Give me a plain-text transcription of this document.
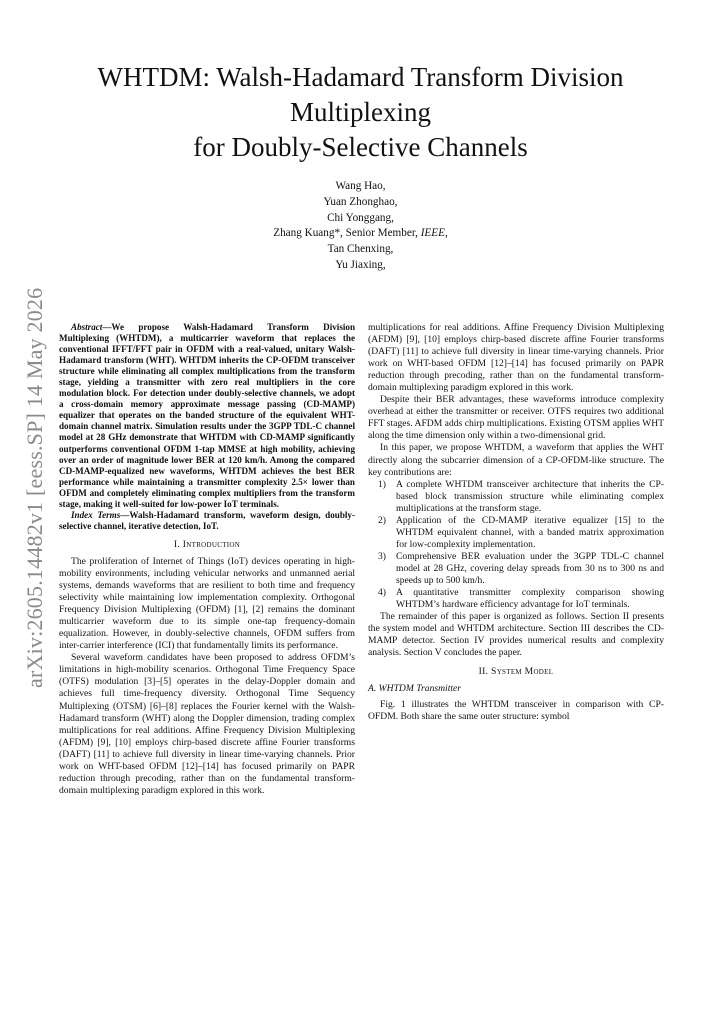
arXiv:2605.14482v1 [eess.SP] 14 May 2026
WHTDM: Walsh-Hadamard Transform Division
Multiplexing
for Doubly-Selective Channels
Wang Hao,
Yuan Zhonghao,
Chi Yonggang,
Zhang Kuang*, Senior Member, IEEE,
Tan Chenxing,
Yu Jiaxing,

Abstract—We propose Walsh-Hadamard Transform Division Multiplexing (WHTDM), a multicarrier waveform that replaces the conventional IFFT/FFT pair in OFDM with a real-valued, unitary Walsh-Hadamard transform (WHT). WHTDM inherits the CP-OFDM transceiver structure while eliminating all complex multiplications from the transform stage, yielding a transmitter with zero real multipliers in the core modulation block. For detection under doubly-selective channels, we adopt a cross-domain memory approximate message passing (CD-MAMP) equalizer that operates on the banded structure of the equivalent WHT-domain channel matrix. Simulation results under the 3GPP TDL-C channel model at 28 GHz demonstrate that WHTDM with CD-MAMP significantly outperforms conventional OFDM 1-tap MMSE at high mobility, achieving over an order of magnitude lower BER at 120 km/h. Among the compared CD-MAMP-equalized new waveforms, WHTDM achieves the best BER performance while maintaining a transmitter complexity 2.5× lower than OFDM and completely eliminating complex multipliers from the transform stage, making it well-suited for low-power IoT terminals.

Index Terms—Walsh-Hadamard transform, waveform design, doubly-selective channel, iterative detection, IoT.

I. Introduction

The proliferation of Internet of Things (IoT) devices operating in high-mobility environments, including vehicular networks and unmanned aerial systems, demands waveforms that are resilient to both time and frequency selectivity while maintaining low implementation complexity. Orthogonal Frequency Division Multiplexing (OFDM) [1], [2] remains the dominant multicarrier waveform due to its simple one-tap frequency-domain equalization. However, in doubly-selective channels, OFDM suffers from inter-carrier interference (ICI) that fundamentally limits its performance.

Several waveform candidates have been proposed to address OFDM’s limitations in high-mobility scenarios. Orthogonal Time Frequency Space (OTFS) modulation [3]–[5] operates in the delay-Doppler domain and achieves full time-frequency diversity. Orthogonal Time Sequency Multiplexing (OTSM) [6]–[8] replaces the Fourier kernel with the Walsh-Hadamard transform (WHT) along the Doppler dimension, trading complex multiplications for real additions. Affine Frequency Division Multiplexing (AFDM) [9], [10] employs chirp-based discrete affine Fourier transforms (DAFT) [11] to achieve full diversity in linear time-varying channels. Prior work on WHT-based OFDM [12]–[14] has focused primarily on PAPR reduction through precoding, rather than on the fundamental transform-domain multiplexing paradigm explored in this work.

multiplications for real additions. Affine Frequency Division Multiplexing (AFDM) [9], [10] employs chirp-based discrete affine Fourier transforms (DAFT) [11] to achieve full diversity in linear time-varying channels. Prior work on WHT-based OFDM [12]–[14] has focused primarily on PAPR reduction through precoding, rather than on the fundamental transform-domain multiplexing paradigm explored in this work.

Despite their BER advantages, these waveforms introduce complexity overhead at either the transmitter or receiver. OTFS requires two additional FFT stages. AFDM adds chirp multiplications. Existing OTSM applies WHT along the time dimension only within a two-dimensional grid.

In this paper, we propose WHTDM, a waveform that applies the WHT directly along the subcarrier dimension of a CP-OFDM-like structure. The key contributions are:

1) A complete WHTDM transceiver architecture that inherits the CP-based block transmission structure while eliminating complex multiplications at the transform stage.
2) Application of the CD-MAMP iterative equalizer [15] to the WHTDM equivalent channel, with a banded matrix approximation for low-complexity implementation.
3) Comprehensive BER evaluation under the 3GPP TDL-C channel model at 28 GHz, covering delay spreads from 30 ns to 300 ns and speeds up to 500 km/h.
4) A quantitative transmitter complexity comparison showing WHTDM’s hardware efficiency advantage for IoT terminals.

The remainder of this paper is organized as follows. Section II presents the system model and WHTDM architecture. Section III describes the CD-MAMP detector. Section IV provides numerical results and complexity analysis. Section V concludes the paper.

II. System Model
A. WHTDM Transmitter

Fig. 1 illustrates the WHTDM transceiver in comparison with CP-OFDM. Both share the same outer structure: symbol
